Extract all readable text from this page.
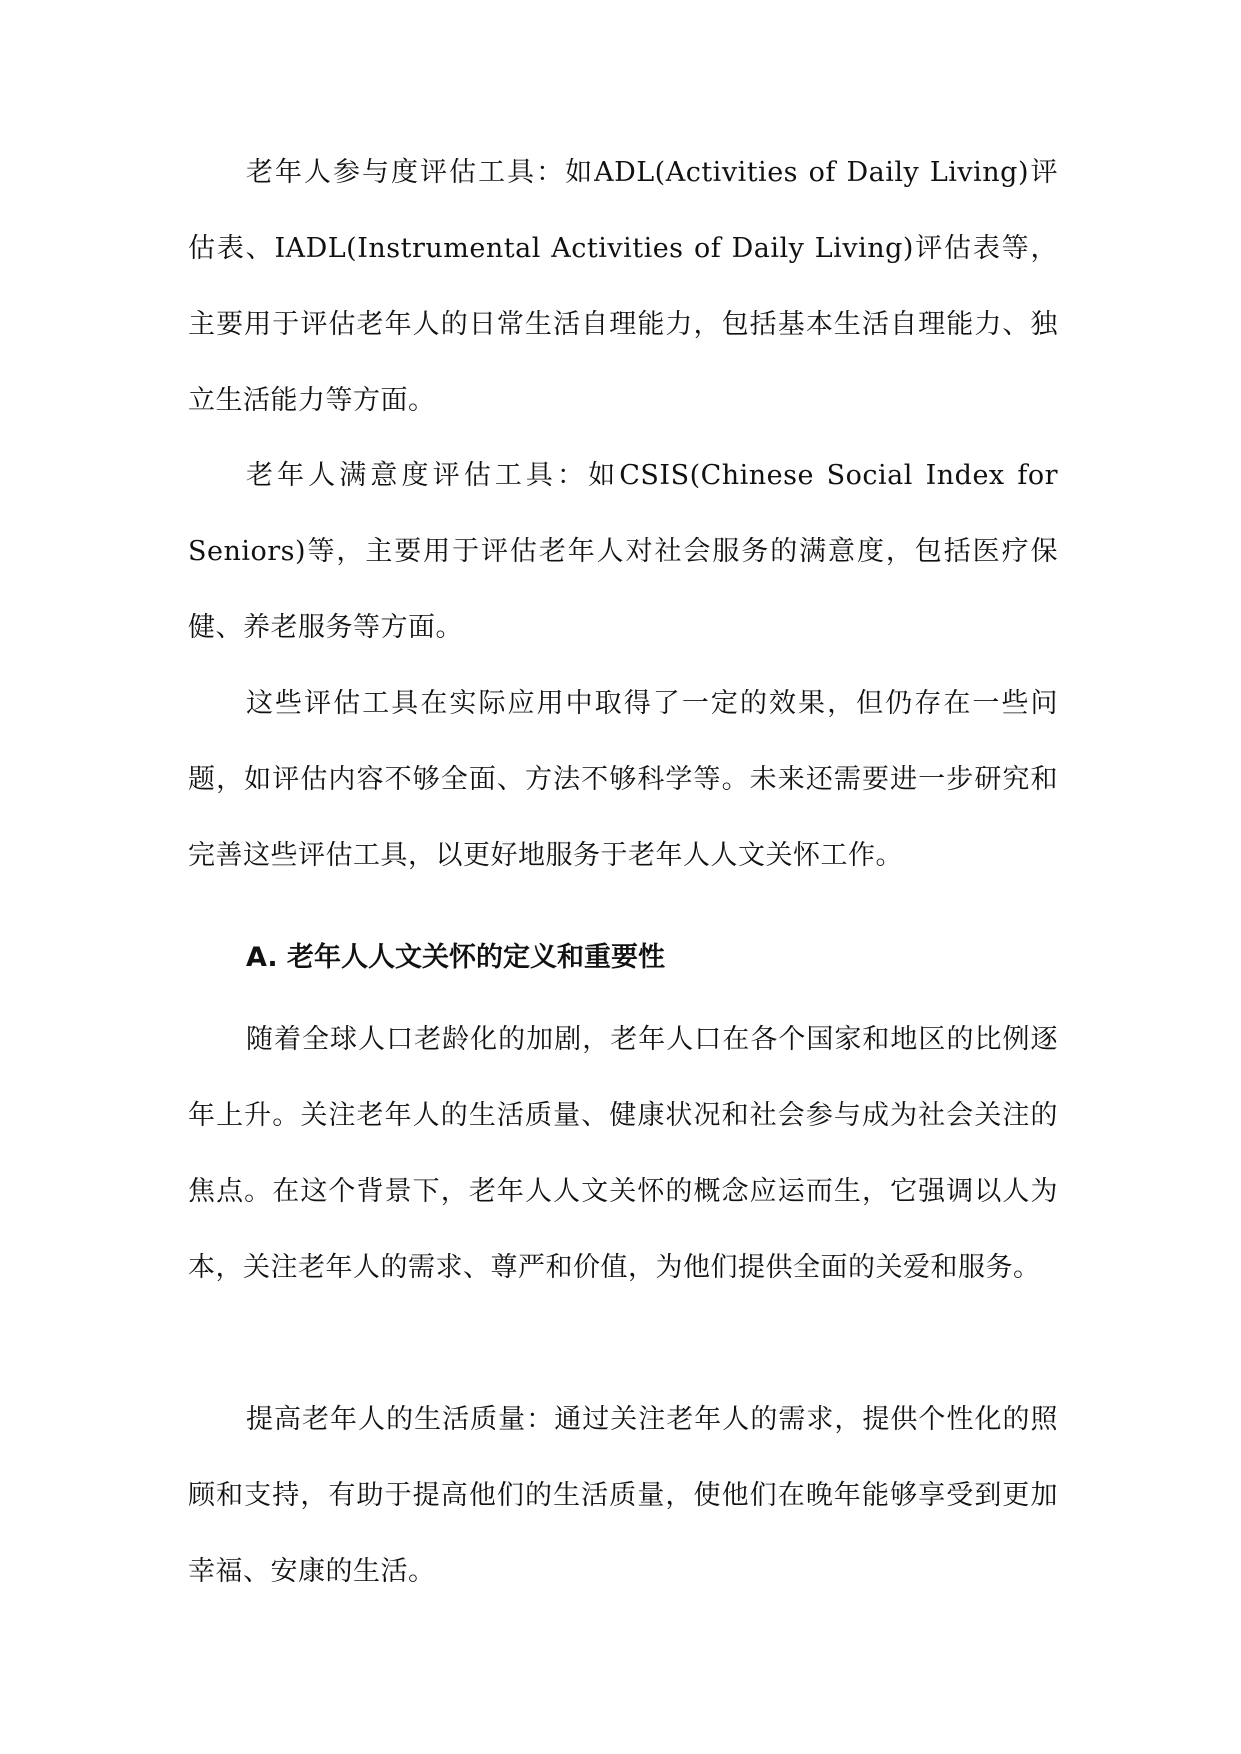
老年人参与度评估工具：如ADL(Activities of Daily Living)评估表、IADL(Instrumental Activities of Daily Living)评估表等，主要用于评估老年人的日常生活自理能力，包括基本生活自理能力、独立生活能力等方面。

老年人满意度评估工具：如CSIS(Chinese Social Index for Seniors)等，主要用于评估老年人对社会服务的满意度，包括医疗保健、养老服务等方面。

这些评估工具在实际应用中取得了一定的效果，但仍存在一些问题，如评估内容不够全面、方法不够科学等。未来还需要进一步研究和完善这些评估工具，以更好地服务于老年人人文关怀工作。

A. 老年人人文关怀的定义和重要性

随着全球人口老龄化的加剧，老年人口在各个国家和地区的比例逐年上升。关注老年人的生活质量、健康状况和社会参与成为社会关注的焦点。在这个背景下，老年人人文关怀的概念应运而生，它强调以人为本，关注老年人的需求、尊严和价值，为他们提供全面的关爱和服务。

提高老年人的生活质量：通过关注老年人的需求，提供个性化的照顾和支持，有助于提高他们的生活质量，使他们在晚年能够享受到更加幸福、安康的生活。
